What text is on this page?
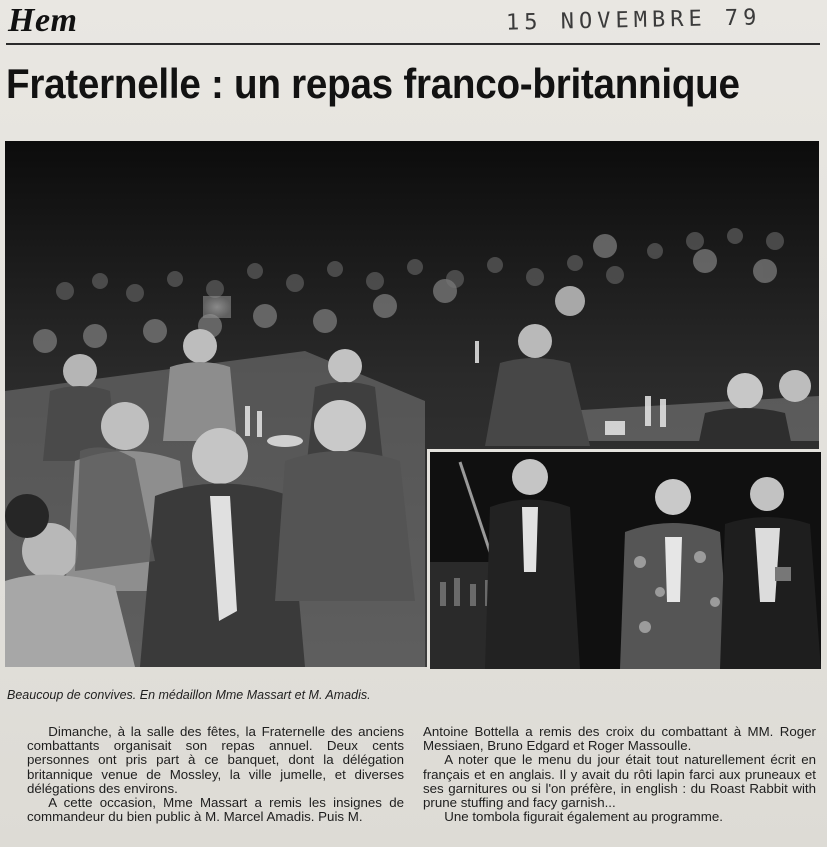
Hem	15 NOVEMBRE 79
Fraternelle : un repas franco-britannique
Beaucoup de convives. En médaillon Mme Massart et M. Amadis.

Dimanche, à la salle des fêtes, la Fraternelle des anciens combattants organisait son repas annuel. Deux cents personnes ont pris part à ce banquet, dont la délégation britannique venue de Mossley, la ville jumelle, et diverses délégations des environs.

A cette occasion, Mme Massart a remis les insignes de commandeur du bien public à M. Marcel Amadis. Puis M.

Antoine Bottella a remis des croix du combattant à MM. Roger Messiaen, Bruno Edgard et Roger Massoulle.

A noter que le menu du jour était tout naturellement écrit en français et en anglais. Il y avait du rôti lapin farci aux pruneaux et ses garnitures ou si l'on préfère, in english : du Roast Rabbit with prune stuffing and facy garnish...

Une tombola figurait également au programme.
